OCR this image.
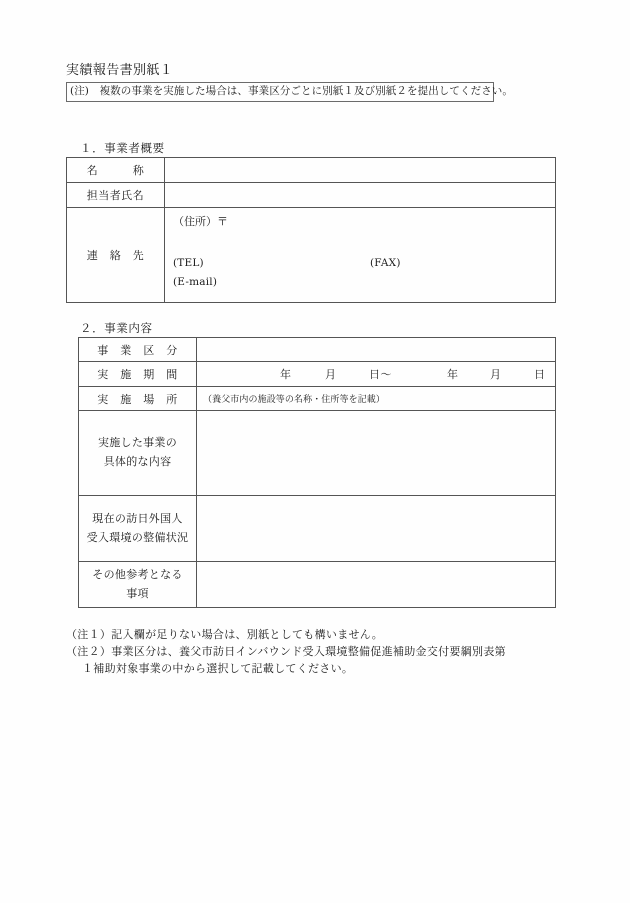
実績報告書別紙１
(注)　複数の事業を実施した場合は、事業区分ごとに別紙１及び別紙２を提出してください。
１．事業者概要
名　　　称	
担当者氏名	
連　絡　先	（住所）〒
(TEL) (FAX)
(E-mail)
２．事業内容
事　業　区　分	
実　施　期　間	年	月	日〜	年	月	日

実　施　場　所	（養父市内の施設等の名称・住所等を記載）

実施した事業の
具体的な内容	

現在の訪日外国人
受入環境の整備状況	

その他参考となる
事項	

（注１）記入欄が足りない場合は、別紙としても構いません。
（注２）事業区分は、養父市訪日インバウンド受入環境整備促進補助金交付要綱別表第
１補助対象事業の中から選択して記載してください。
